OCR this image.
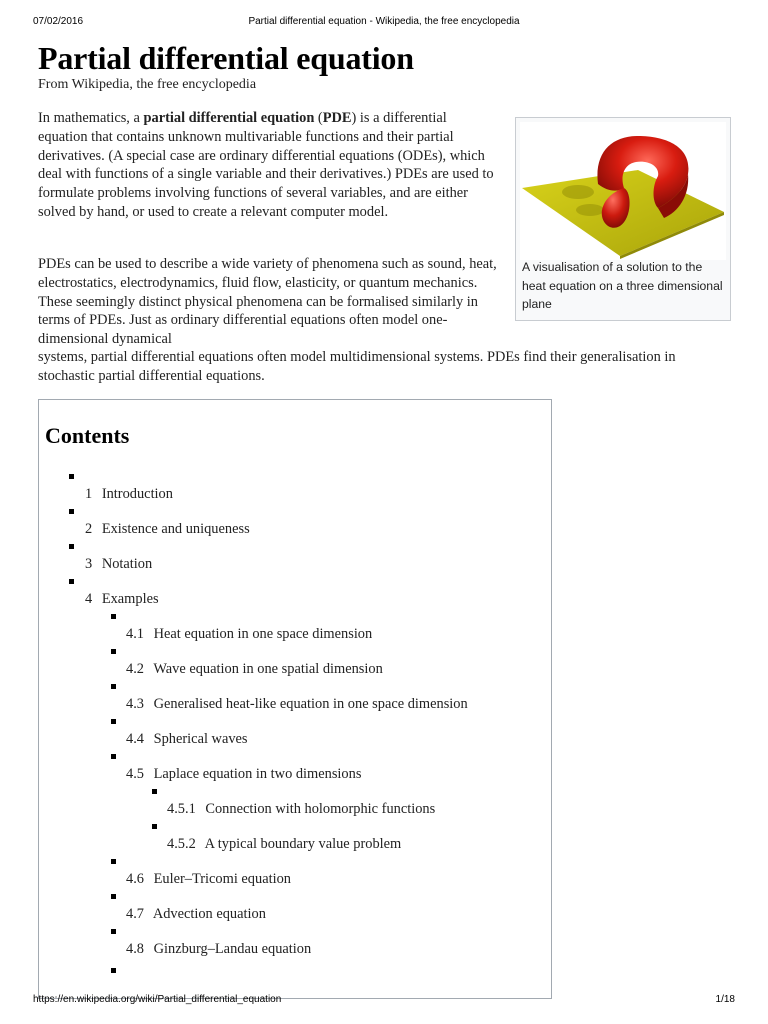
07/02/2016	Partial differential equation - Wikipedia, the free encyclopedia
Partial differential equation
From Wikipedia, the free encyclopedia

In mathematics, a partial differential equation (PDE) is a differential equation that contains unknown multivariable functions and their partial derivatives. (A special case are ordinary differential equations (ODEs), which deal with functions of a single variable and their derivatives.) PDEs are used to formulate problems involving functions of several variables, and are either solved by hand, or used to create a relevant computer model.

PDEs can be used to describe a wide variety of phenomena such as sound, heat, electrostatics, electrodynamics, fluid flow, elasticity, or quantum mechanics. These seemingly distinct physical phenomena can be formalised similarly in terms of PDEs. Just as ordinary differential equations often model one-dimensional dynamical

systems, partial differential equations often model multidimensional systems. PDEs find their generalisation in stochastic partial differential equations.

A visualisation of a solution to the heat equation on a three dimensional plane
Contents
1 Introduction
2 Existence and uniqueness
3 Notation
4 Examples
4.1 Heat equation in one space dimension
4.2 Wave equation in one spatial dimension
4.3 Generalised heat-like equation in one space dimension
4.4 Spherical waves
4.5 Laplace equation in two dimensions
4.5.1 Connection with holomorphic functions
4.5.2 A typical boundary value problem
4.6 Euler–Tricomi equation
4.7 Advection equation
4.8 Ginzburg–Landau equation
https://en.wikipedia.org/wiki/Partial_differential_equation	1/18
